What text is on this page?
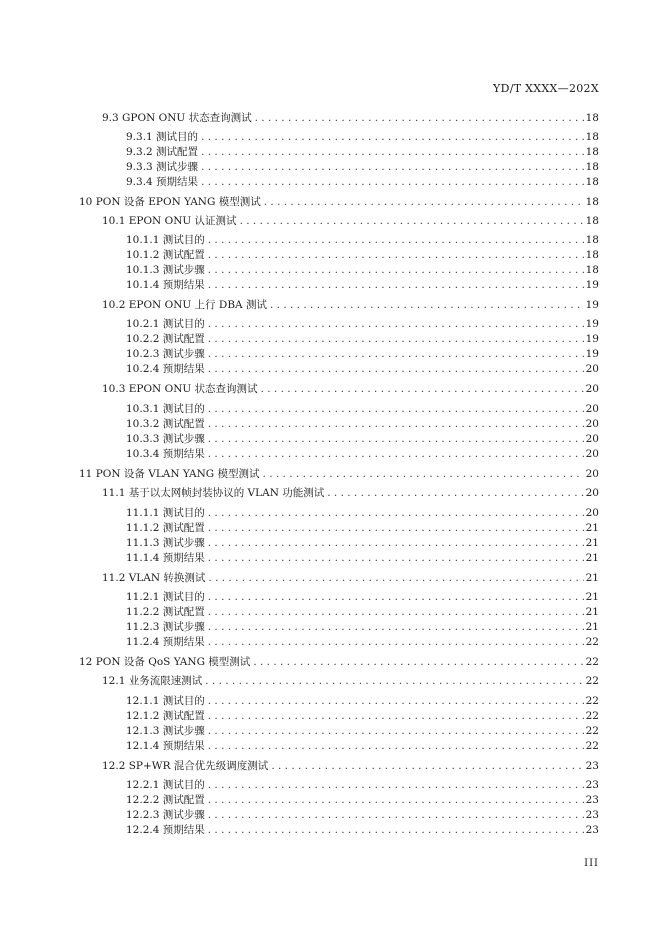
YD/T XXXX—202X
9.3 GPON ONU 状态查询测试 . . .	18
9.3.1 测试目的 . . .	18
9.3.2 测试配置 . . .	18
9.3.3 测试步骤 . . .	18
9.3.4 预期结果 . . .	18
10 PON 设备 EPON YANG 模型测试 . . .	18
10.1 EPON ONU 认证测试 . . .	18
10.1.1 测试目的 . . .	18
10.1.2 测试配置 . . .	18
10.1.3 测试步骤 . . .	18
10.1.4 预期结果 . . .	19
10.2 EPON ONU 上行 DBA 测试 . . .	19
10.2.1 测试目的 . . .	19
10.2.2 测试配置 . . .	19
10.2.3 测试步骤 . . .	19
10.2.4 预期结果 . . .	20
10.3 EPON ONU 状态查询测试 . . .	20
10.3.1 测试目的 . . .	20
10.3.2 测试配置 . . .	20
10.3.3 测试步骤 . . .	20
10.3.4 预期结果 . . .	20
11 PON 设备 VLAN YANG 模型测试 . . .	20
11.1 基于以太网帧封装协议的 VLAN 功能测试 . . .	20
11.1.1 测试目的 . . .	20
11.1.2 测试配置 . . .	21
11.1.3 测试步骤 . . .	21
11.1.4 预期结果 . . .	21
11.2 VLAN 转换测试 . . .	21
11.2.1 测试目的 . . .	21
11.2.2 测试配置 . . .	21
11.2.3 测试步骤 . . .	21
11.2.4 预期结果 . . .	22
12 PON 设备 QoS YANG 模型测试 . . .	22
12.1 业务流限速测试 . . .	22
12.1.1 测试目的 . . .	22
12.1.2 测试配置 . . .	22
12.1.3 测试步骤 . . .	22
12.1.4 预期结果 . . .	22
12.2 SP+WR 混合优先级调度测试 . . .	23
12.2.1 测试目的 . . .	23
12.2.2 测试配置 . . .	23
12.2.3 测试步骤 . . .	23
12.2.4 预期结果 . . .	23
III
